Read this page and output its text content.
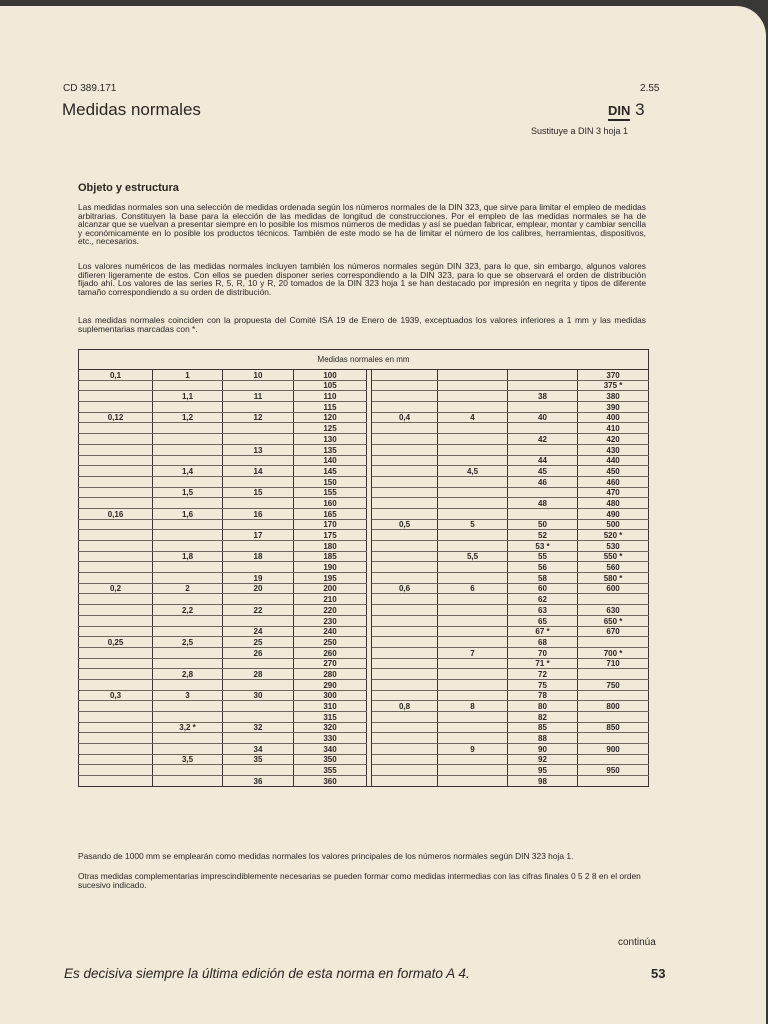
CD 389.171	2.55
Medidas normales	DIN 3
Sustituye a DIN 3 hoja 1
Objeto y estructura
Las medidas normales son una selección de medidas ordenada según los números normales de la DIN 323, que sirve para limitar el empleo de medidas arbitrarias. Constituyen la base para la elección de las medidas de longitud de construcciones. Por el empleo de las medidas normales se ha de alcanzar que se vuelvan a presentar siempre en lo posible los mismos números de medidas y así se puedan fabricar, emplear, montar y cambiar sencilla y económicamente en lo posible los productos técnicos. También de este modo se ha de limitar el número de los calibres, herramientas, dispositivos, etc., necesarios.
Los valores numéricos de las medidas normales incluyen también los números normales según DIN 323, para lo que, sin embargo, algunos valores difieren ligeramente de estos. Con ellos se pueden disponer series correspondiendo a la DIN 323, para lo que se observará el orden de distribución fijado ahí. Los valores de las series R, 5, R, 10 y R, 20 tomados de la DIN 323 hoja 1 se han destacado por impresión en negrita y tipos de diferente tamaño correspondiendo a su orden de distribución.
Las medidas normales coinciden con la propuesta del Comité ISA 19 de Enero de 1939, exceptuados los valores inferiores a 1 mm y las medidas suplementarias marcadas con *.
Medidas normales en mm								
0,1	1	10	100					370
			105					375 *
	1,1	11	110				38	380
			115					390
0,12	1,2	12	120		0,4	4	40	400
			125					410
			130				42	420
		13	135					430
			140				44	440
	1,4	14	145			4,5	45	450
			150				46	460
	1,5	15	155					470
			160				48	480
0,16	1,6	16	165					490
			170		0,5	5	50	500
		17	175				52	520 *
			180				53 *	530
	1,8	18	185			5,5	55	550 *
			190				56	560
		19	195				58	580 *
0,2	2	20	200		0,6	6	60	600
			210				62	
	2,2	22	220				63	630
			230				65	650 *
		24	240				67 *	670
0,25	2,5	25	250				68	
		26	260			7	70	700 *
			270				71 *	710
	2,8	28	280				72	
			290				75	750
0,3	3	30	300				78	
			310		0,8	8	80	800
			315				82	
	3,2 *	32	320				85	850
			330				88	
		34	340			9	90	900
	3,5	35	350				92	
			355				95	950
		36	360				98	
Pasando de 1000 mm se emplearán como medidas normales los valores principales de los números normales según DIN 323 hoja 1.
Otras medidas complementarias imprescindiblemente necesarias se pueden formar como medidas intermedias con las cifras finales 0 5 2 8 en el orden sucesivo indicado.
continúa
Es decisiva siempre la última edición de esta norma en formato A 4.	53
